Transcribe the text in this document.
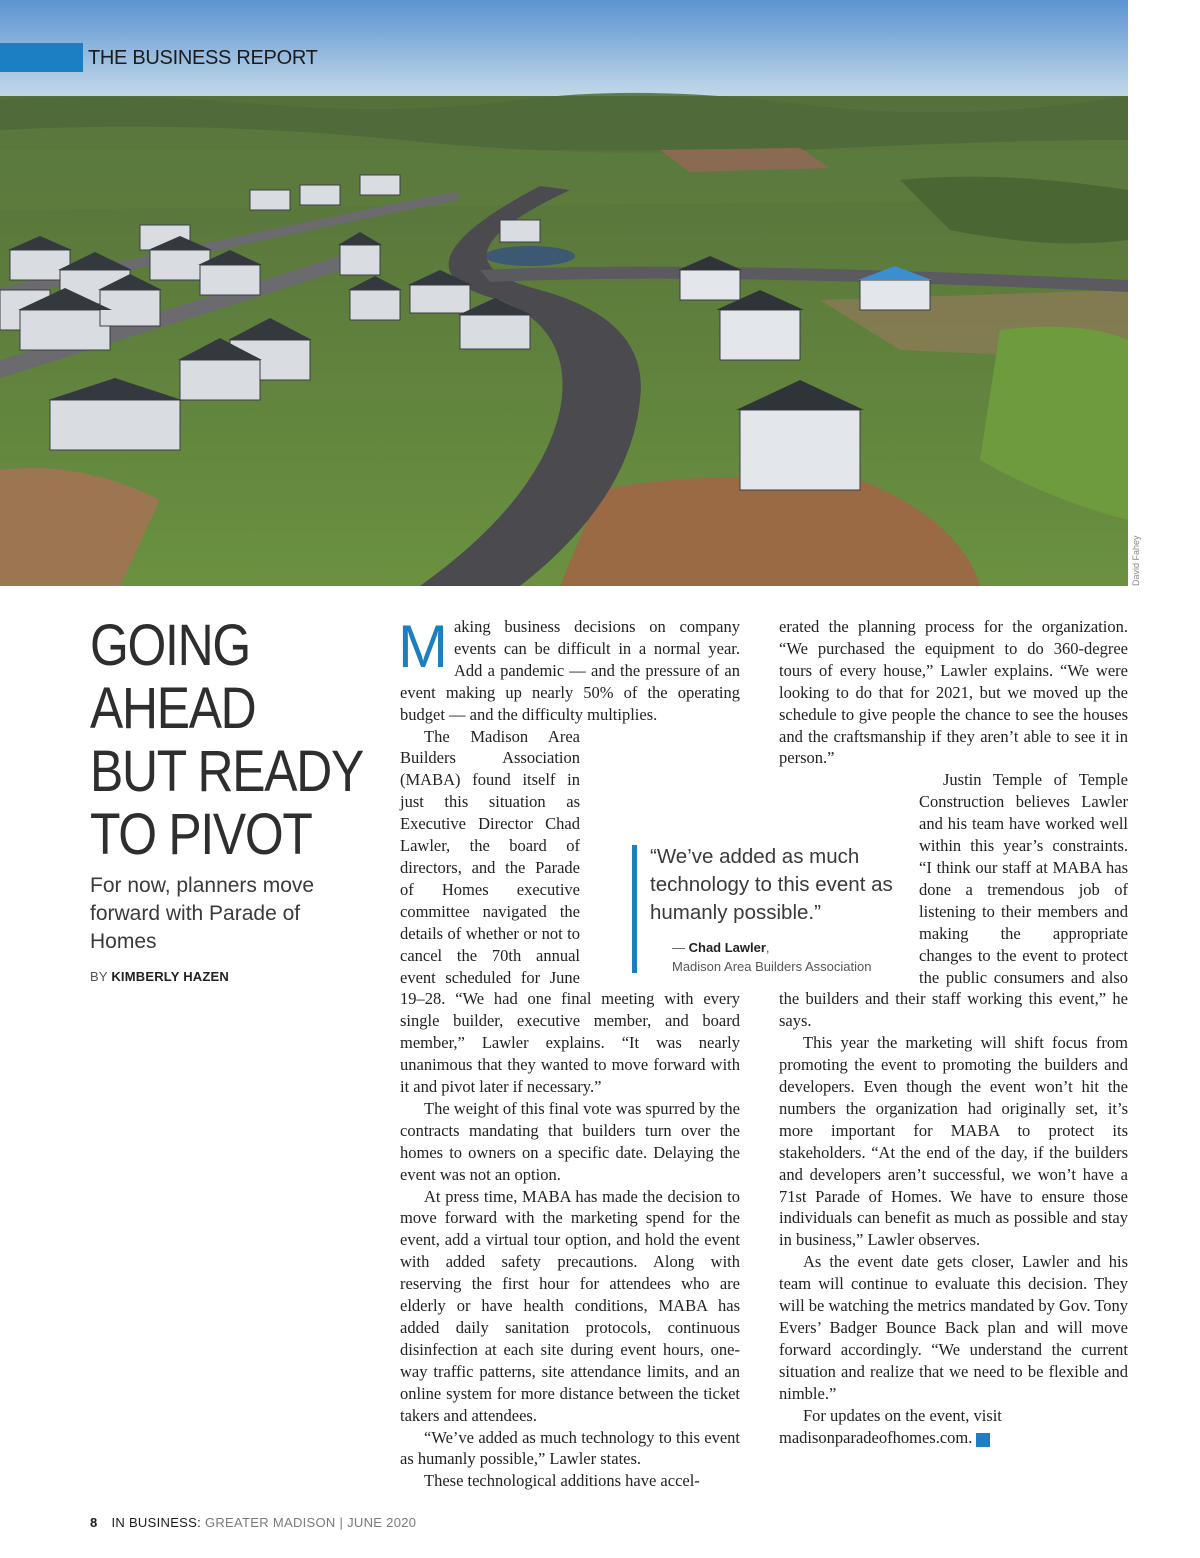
THE BUSINESS REPORT
David Fahey
GOING
AHEAD
BUT READY
TO PIVOT
For now, planners move forward with Parade of Homes
BY KIMBERLY HAZEN

Making business decisions on company events can be difficult in a normal year. Add a pandemic — and the pressure of an event making up nearly 50% of the operating budget — and the difficulty multiplies.

The Madison Area Builders Association (MABA) found itself in just this situation as Executive Director Chad Lawler, the board of directors, and the Parade of Homes executive committee navigated the details of whether or not to cancel the 70th annual event scheduled for June 19–28. “We had one final meeting with every single builder, executive member, and board member,” Lawler explains. “It was nearly unanimous that they wanted to move forward with it and pivot later if necessary.”

The weight of this final vote was spurred by the contracts mandating that builders turn over the homes to owners on a specific date. Delaying the event was not an option.

At press time, MABA has made the decision to move forward with the marketing spend for the event, add a virtual tour option, and hold the event with added safety precautions. Along with reserving the first hour for attendees who are elderly or have health conditions, MABA has added daily sanitation protocols, continuous disinfection at each site during event hours, one-way traffic patterns, site attendance limits, and an online system for more distance between the ticket takers and attendees.

“We’ve added as much technology to this event as humanly possible,” Lawler states.

These technological additions have accel-

erated the planning process for the organization. “We purchased the equipment to do 360-degree tours of every house,” Lawler explains. “We were looking to do that for 2021, but we moved up the schedule to give people the chance to see the houses and the craftsmanship if they aren’t able to see it in person.”

Justin Temple of Temple Construction believes Lawler and his team have worked well within this year’s constraints. “I think our staff at MABA has done a tremendous job of listening to their members and making the appropriate changes to the event to protect the public consumers and also the builders and their staff working this event,” he says.

This year the marketing will shift focus from promoting the event to promoting the builders and developers. Even though the event won’t hit the numbers the organization had originally set, it’s more important for MABA to protect its stakeholders. “At the end of the day, if the builders and developers aren’t successful, we won’t have a 71st Parade of Homes. We have to ensure those individuals can benefit as much as possible and stay in business,” Lawler observes.

As the event date gets closer, Lawler and his team will continue to evaluate this decision. They will be watching the metrics mandated by Gov. Tony Evers’ Badger Bounce Back plan and will move forward accordingly. “We understand the current situation and realize that we need to be flexible and nimble.”

For updates on the event, visit madisonparadeofhomes.com.	IB

“We’ve added as much technology to this event as humanly possible.”
— Chad Lawler,
Madison Area Builders Association
8 IN BUSINESS: GREATER MADISON | JUNE 2020
